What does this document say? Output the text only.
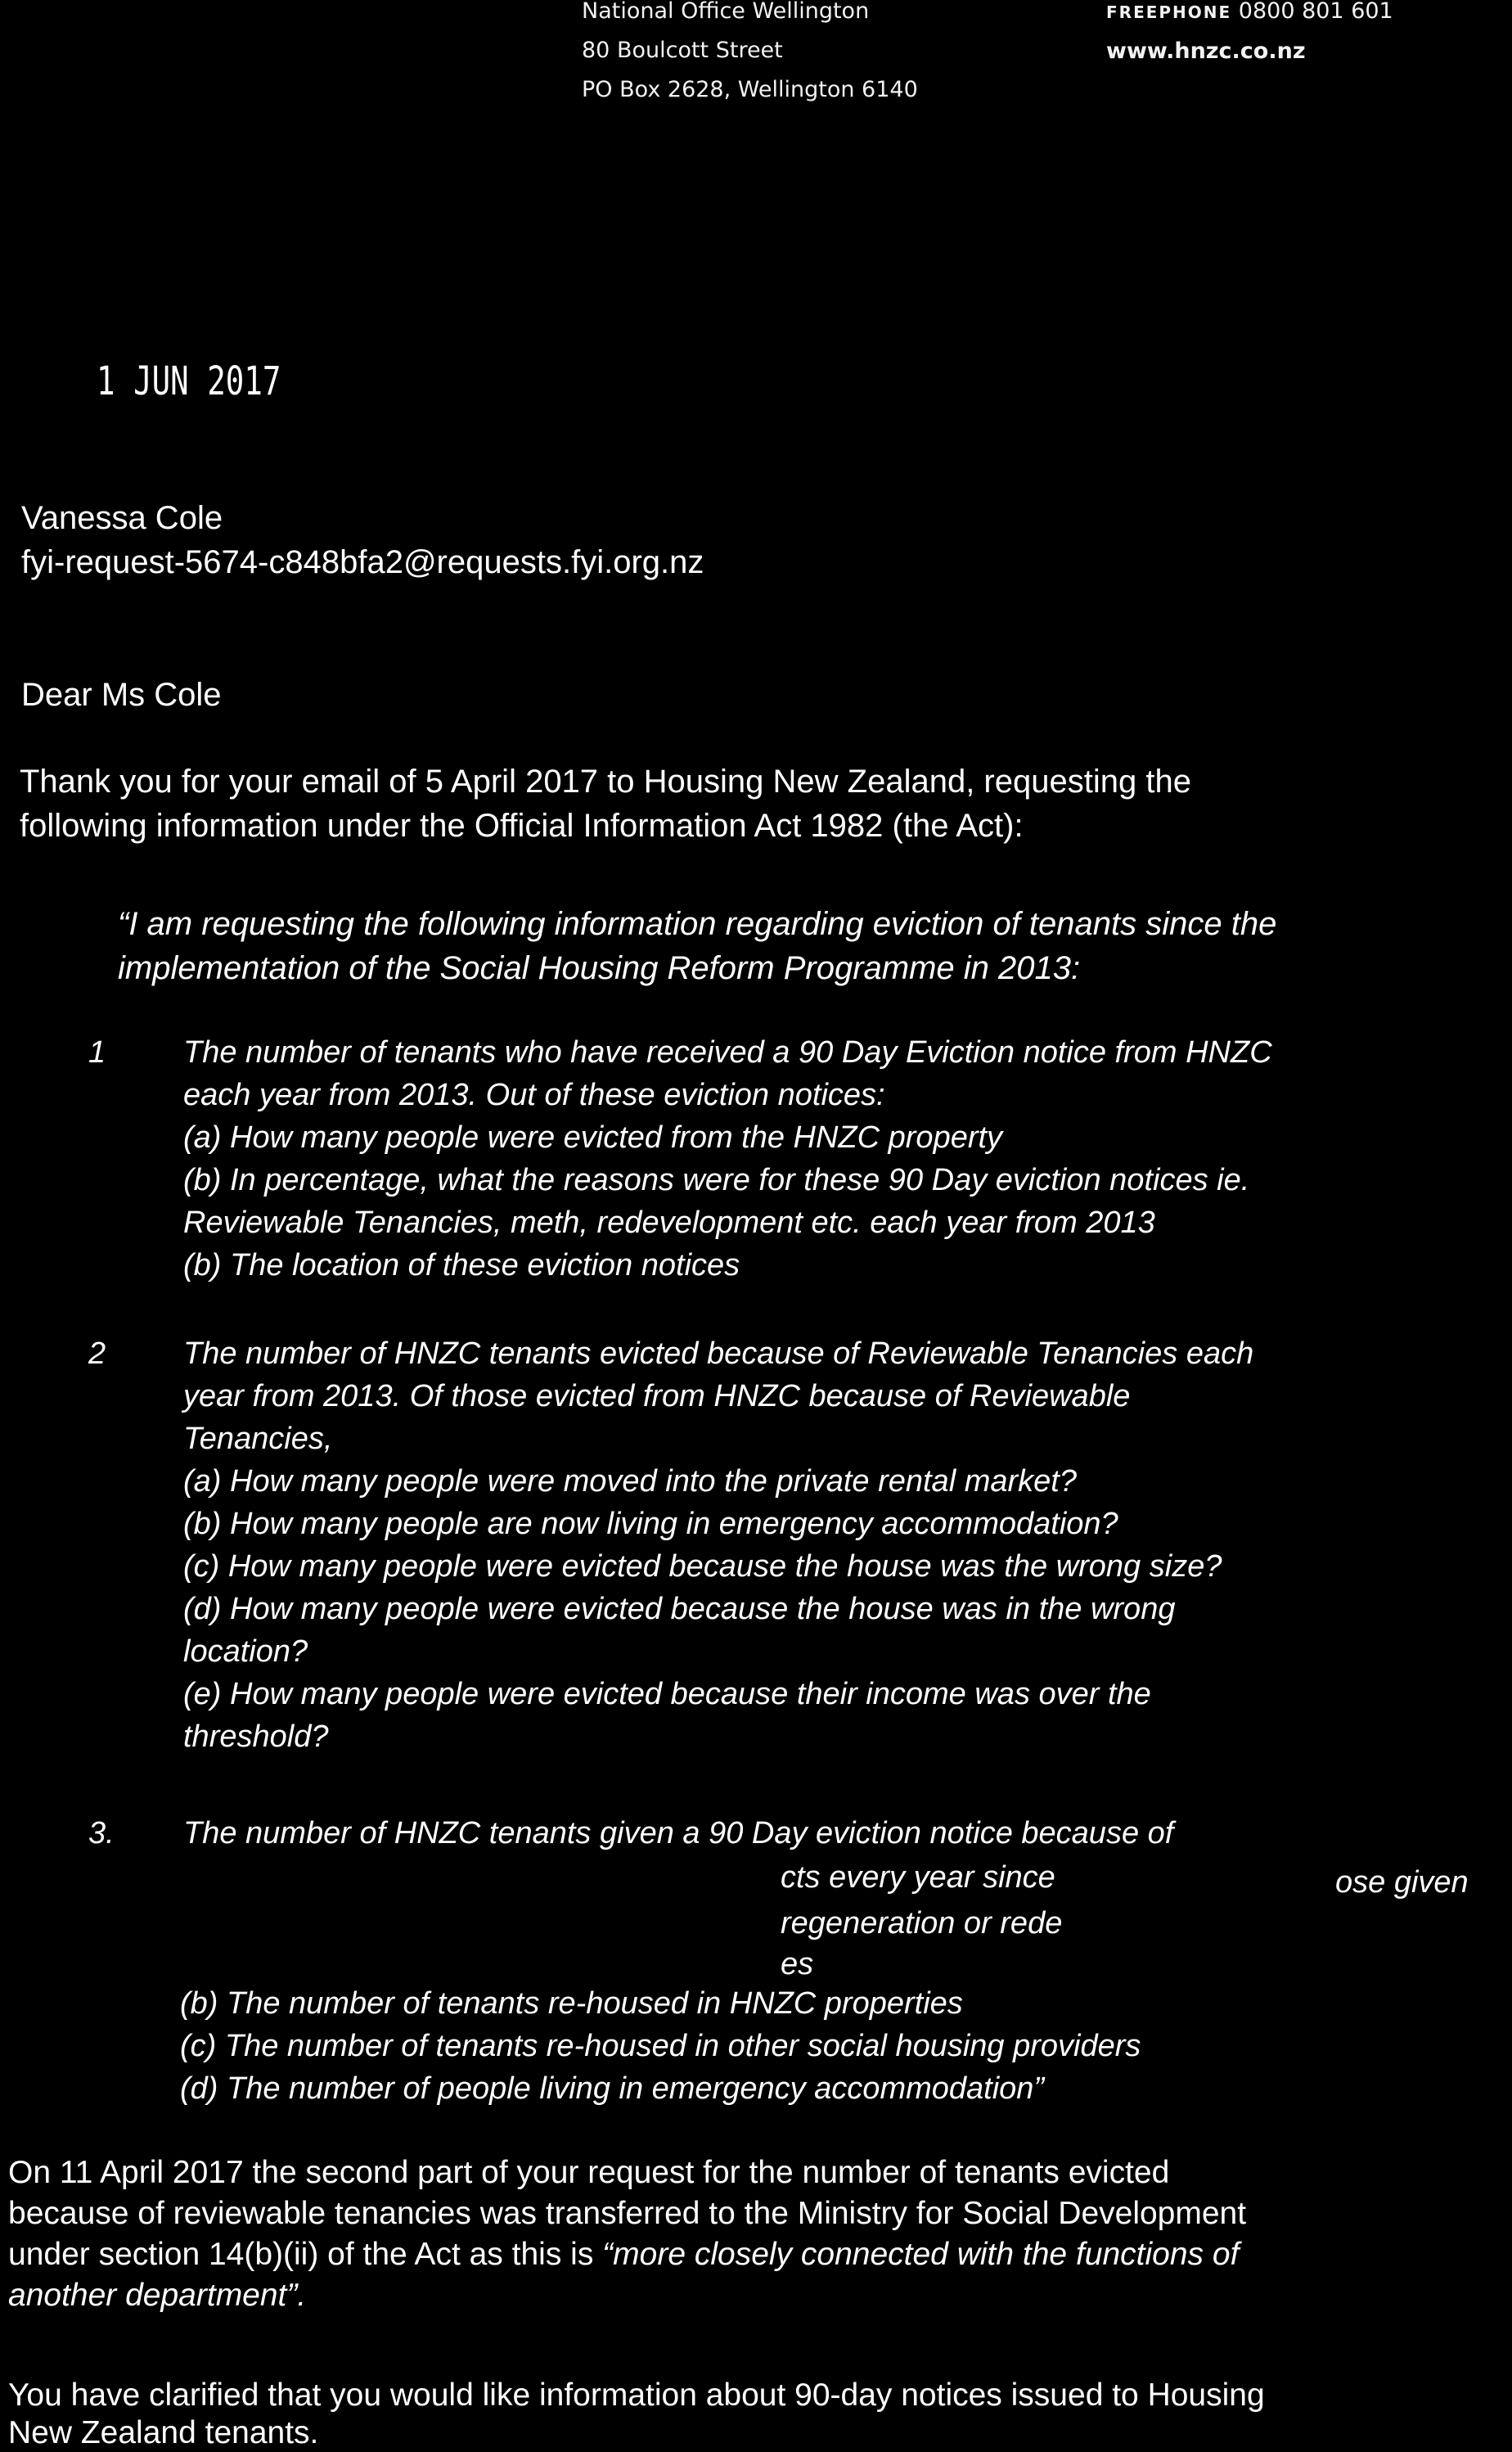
National Office Wellington
80 Boulcott Street
PO Box 2628, Wellington 6140
FREEPHONE 0800 801 601
www.hnzc.co.nz
1 JUN 2017
Vanessa Cole
fyi-request-5674-c848bfa2@requests.fyi.org.nz
Dear Ms Cole
Thank you for your email of 5 April 2017 to Housing New Zealand, requesting the
following information under the Official Information Act 1982 (the Act):
“I am requesting the following information regarding eviction of tenants since the
implementation of the Social Housing Reform Programme in 2013:
1	The number of tenants who have received a 90 Day Eviction notice from HNZC
each year from 2013. Out of these eviction notices:
(a) How many people were evicted from the HNZC property
(b) In percentage, what the reasons were for these 90 Day eviction notices ie.
Reviewable Tenancies, meth, redevelopment etc. each year from 2013
(b) The location of these eviction notices
2	The number of HNZC tenants evicted because of Reviewable Tenancies each
year from 2013. Of those evicted from HNZC because of Reviewable
Tenancies,
(a) How many people were moved into the private rental market?
(b) How many people are now living in emergency accommodation?
(c) How many people were evicted because the house was the wrong size?
(d) How many people were evicted because the house was in the wrong
location?
(e) How many people were evicted because their income was over the
threshold?
3.	The number of HNZC tenants given a 90 Day eviction notice because of
cts every year since	ose given
regeneration or rede
es
(b) The number of tenants re-housed in HNZC properties
(c) The number of tenants re-housed in other social housing providers
(d) The number of people living in emergency accommodation”
On 11 April 2017 the second part of your request for the number of tenants evicted
because of reviewable tenancies was transferred to the Ministry for Social Development
under section 14(b)(ii) of the Act as this is “more closely connected with the functions of
another department”.
You have clarified that you would like information about 90-day notices issued to Housing
New Zealand tenants.
